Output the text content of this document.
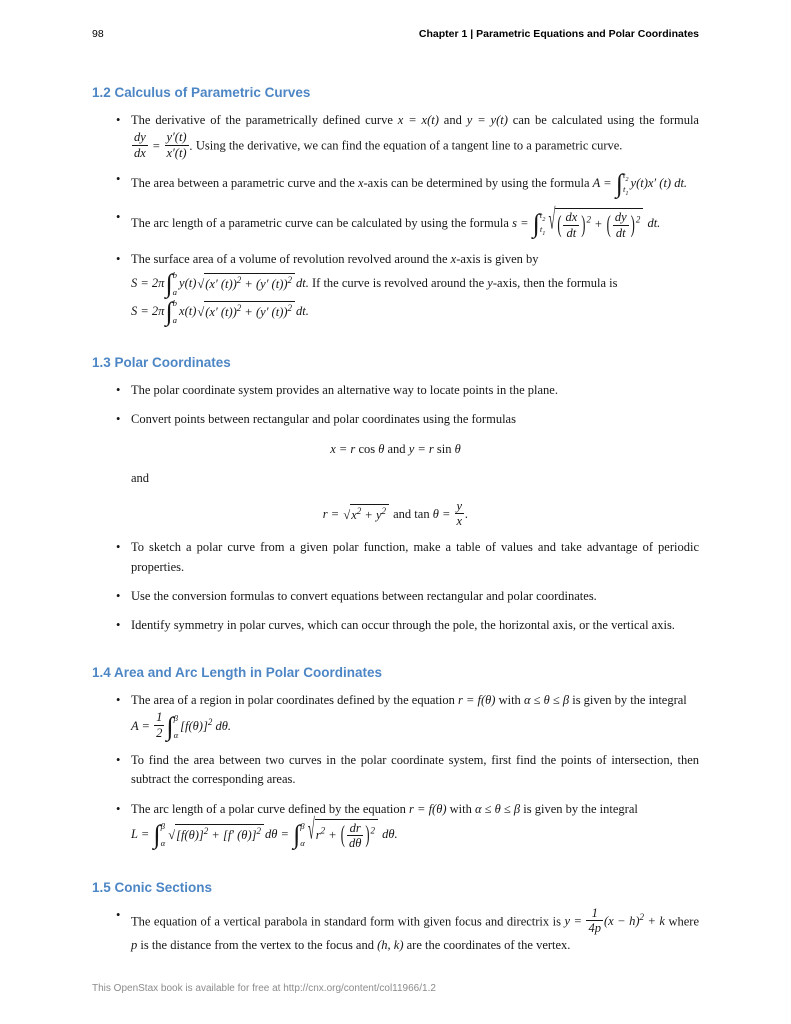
98	Chapter 1 | Parametric Equations and Polar Coordinates
1.2 Calculus of Parametric Curves
• The derivative of the parametrically defined curve x = x(t) and y = y(t) can be calculated using the formula
$\frac{dy}{dx} = \frac{y'(t)}{x'(t)}$ . Using the derivative, we can find the equation of a tangent line to a parametric curve.
• The area between a parametric curve and the x-axis can be determined by using the formula A = ∫ $t_2$
$t_1$
y(t)x′ (t) dt.
• The arc length of a parametric curve can be calculated by using the formula s = ∫ $t_2$
$t_1$ √ ( $\frac{dx}{dt}$ ) $^2$ + ( $\frac{dy}{dt}$ ) $^2$ dt.
• The surface area of a volume of revolution revolved around the x-axis is given by
S = 2π ∫ b
a
y(t) √ (x′ (t))$^2$ + (y′ (t))$^2$ dt. If the curve is revolved around the y-axis, then the formula is
S = 2π ∫ b
a
x(t) √ (x′ (t))$^2$ + (y′ (t))$^2$ dt.
1.3 Polar Coordinates
• The polar coordinate system provides an alternative way to locate points in the plane.
• Convert points between rectangular and polar coordinates using the formulas
x = r cos θ and y = r sin θ
and
r = √ $x^2 + y^2$ and $\tan \theta = \frac{y}{x}$ .
• To sketch a polar curve from a given polar function, make a table of values and take advantage of periodic properties.
• Use the conversion formulas to convert equations between rectangular and polar coordinates.
• Identify symmetry in polar curves, which can occur through the pole, the horizontal axis, or the vertical axis.
1.4 Area and Arc Length in Polar Coordinates
• The area of a region in polar coordinates defined by the equation r = f(θ) with α ≤ θ ≤ β is given by the integral
$A = \frac{1}{2}$ ∫ β
α
$[f(\theta)]^2$ dθ.
• To find the area between two curves in the polar coordinate system, first find the points of intersection, then subtract the corresponding areas.
• The arc length of a polar curve defined by the equation r = f(θ) with α ≤ θ ≤ β is given by the integral
L = ∫ β
α
√ $[f(\theta)]^2 + [f'$ (θ)]$^2$ dθ = ∫ β
α √ $r^2$ + ( $\frac{dr}{d\theta}$ ) $^2$ dθ.
1.5 Conic Sections
• The equation of a vertical parabola in standard form with given focus and directrix is $y = \frac{1}{4p} (x - h)^2 + k$ where p is the distance from the vertex to the focus and (h, k) are the coordinates of the vertex.
This OpenStax book is available for free at http://cnx.org/content/col11966/1.2
